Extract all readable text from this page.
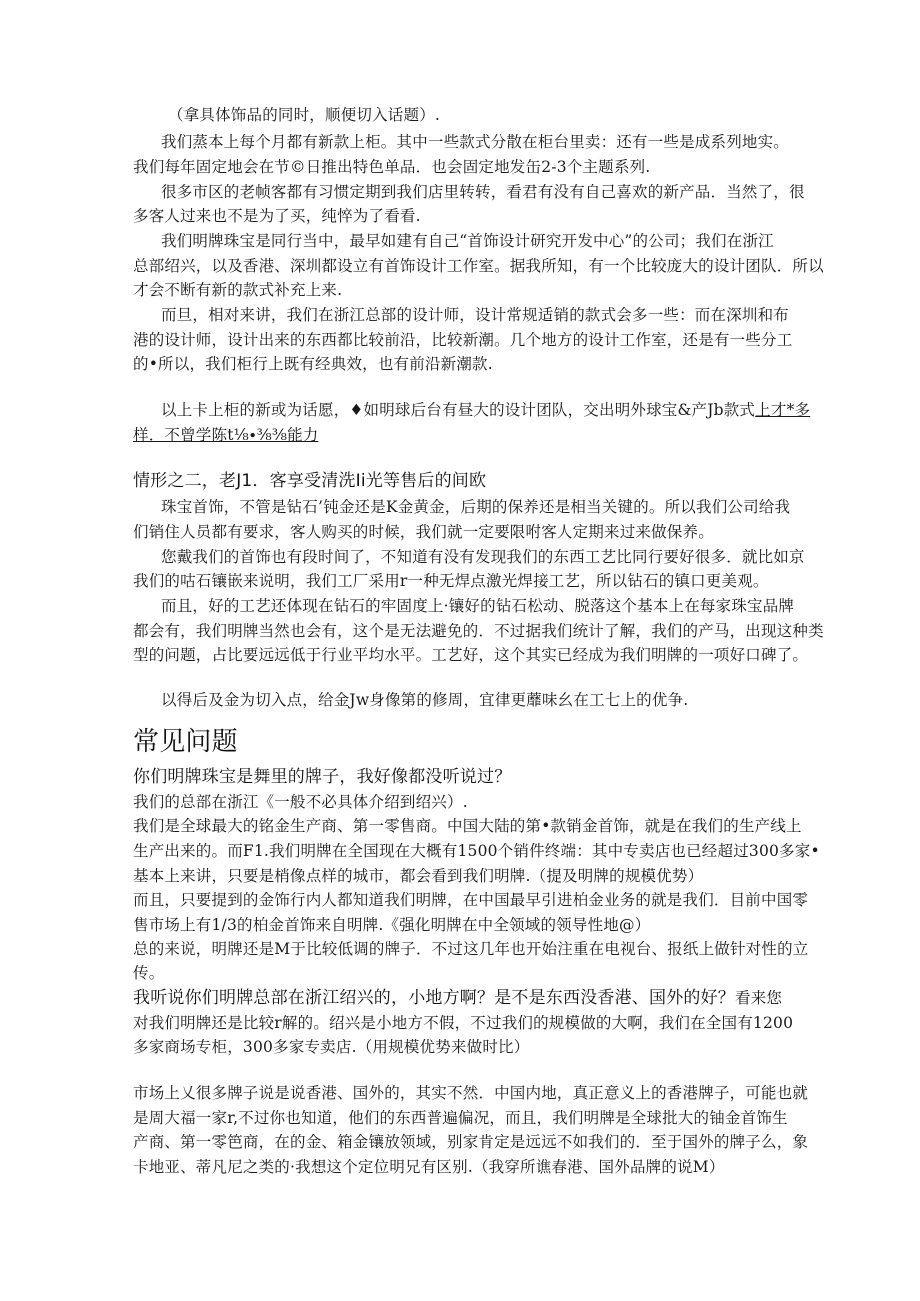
（拿具体饰品的同时，顺便切入话题）.
我们蒸本上每个月都有新款上柜。其中一些款式分散在柜台里卖：还有一些是成系列地实。
我们每年固定地会在节©日推出特色单品．也会固定地发缶2-3个主题系列.
很多市区的老帧客都有习惯定期到我们店里转转，看君有没有自己喜欢的新产品．当然了，很
多客人过来也不是为了买，纯悴为了看看.
我们明牌珠宝是同行当中，最早如建有自己“首饰设计研究开发中心”的公司；我们在浙江
总部绍兴，以及香港、深圳都设立有首饰设计工作室。据我所知，有一个比较庞大的设计团队．所以
才会不断有新的款式补充上来.
而旦，相对来讲，我们在浙江总部的设计师，设计常规适销的款式会多一些：而在深圳和布
港的设计师，设计出来的东西都比较前沿，比较新潮。几个地方的设计工作室，还是有一些分工
的•所以，我们柜行上既有经典效，也有前沿新潮款.
以上卡上柜的新或为话愿，♦如明球后台有昼大的设计团队，交出明外球宝&产Jb款式上才*多
样．不曾学陈t⅛∙⅜⅜能力
情形之二，老J1．客享受清洗Ii光等售后的间欧
珠宝首饰，不管是钻石’钝金还是K金黄金，后期的保养还是相当关键的。所以我们公司给我
们销住人员都有要求，客人购买的时候，我们就一定要限咐客人定期来过来做保养。
您戴我们的首饰也有段时间了，不知道有没有发现我们的东西工艺比同行要好很多．就比如京
我们的咕石镶嵌来说明，我们工厂采用r一种无焊点激光焊接工艺，所以钻石的镇口更美观。
而且，好的工艺还体现在钻石的牢固度上·镶好的钻石松动、脱落这个基本上在每家珠宝品牌
都会有，我们明牌当然也会有，这个是无法避免的．不过据我们统计了解，我们的产马，出现这种类
型的问题，占比要远远低于行业平均水平。工艺好，这个其实已经成为我们明牌的一项好口碑了。
以得后及金为切入点，给金Jw身像第的修周，宜律更蘼味幺在工七上的优争.
常见问题
你们明牌珠宝是舞里的牌子，我好像都没听说过？
我们的总部在浙江《一般不必具体介绍到绍兴）.
我们是全球最大的铭金生产商、第一零售商。中国大陆的第•款销金首饰，就是在我们的生产线上
生产出来的。而F1.我们明牌在全国现在大概有1500个销件终端：其中专卖店也已经超过300多家•
基本上来讲，只要是梢像点样的城市，都会看到我们明牌.（提及明牌的规模优势）
而且，只要提到的金饰行内人都知道我们明牌，在中国最早引进柏金业务的就是我们．目前中国零
售市场上有1/3的柏金首饰来自明牌.《强化明牌在中全领域的领导性地@）
总的来说，明牌还是M于比较低调的牌子．不过这几年也开始注重在电视台、报纸上做针对性的立
传。
我听说你们明牌总部在浙江绍兴的，小地方啊？是不是东西没香港、国外的好？看来您
对我们明牌还是比较r解的。绍兴是小地方不假，不过我们的规模做的大啊，我们在全国有1200
多家商场专柜，300多家专卖店.（用规模优势来做时比）
市场上乂很多牌子说是说香港、国外的，其实不然．中国内地，真正意义上的香港牌子，可能也就
是周大福一家r,不过你也知道，他们的东西普遍偏况，而且，我们明牌是全球批大的铀金首饰生
产商、第一零笆商，在的金、箱金镶放领域，别家肯定是远远不如我们的．至于国外的牌子么，象
卡地亚、蒂凡尼之类的·我想这个定位明兄有区别.（我穿所谯春港、国外品牌的说M）
